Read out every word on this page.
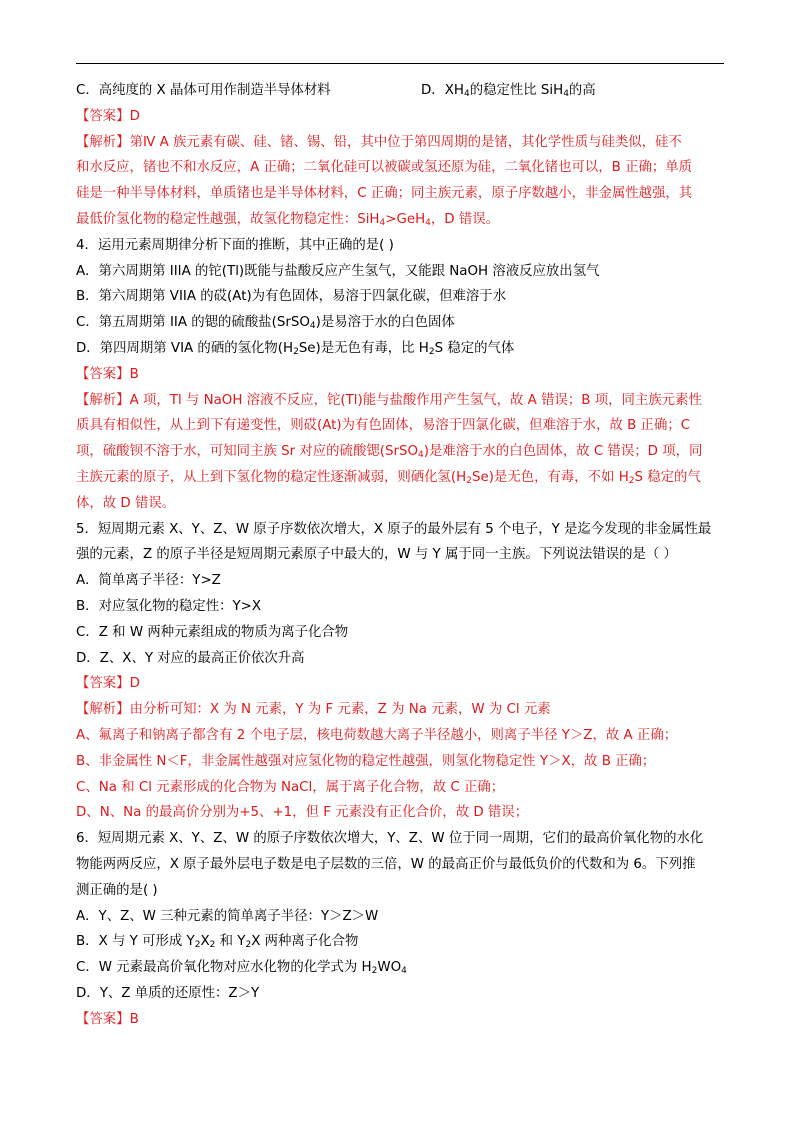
C．高纯度的 X 晶体可用作制造半导体材料	D．$XH_4$的稳定性比 SiH$_4$的高
【答案】D
【解析】第Ⅳ A 族元素有碳、硅、锗、锡、铅，其中位于第四周期的是锗，其化学性质与硅类似，硅不
和水反应，锗也不和水反应，A 正确；二氧化硅可以被碳或氢还原为硅，二氧化锗也可以，B 正确；单质
硅是一种半导体材料，单质锗也是半导体材料，C 正确；同主族元素，原子序数越小，非金属性越强，其
最低价氢化物的稳定性越强，故氢化物稳定性：SiH$_4$>GeH$_4$，D 错误。
4．运用元素周期律分析下面的推断，其中正确的是( )
A．第六周期第 IIIA 的铊(Tl)既能与盐酸反应产生氢气，又能跟 NaOH 溶液反应放出氢气
B．第六周期第 VIIA 的砹(At)为有色固体，易溶于四氯化碳，但难溶于水
C．第五周期第 IIA 的锶的硫酸盐(SrSO$_4$)是易溶于水的白色固体
D．第四周期第 VIA 的硒的氢化物$(H_2Se)$是无色有毒，比 $H_2S$ 稳定的气体
【答案】B
【解析】A 项，Tl 与 NaOH 溶液不反应，铊(Tl)能与盐酸作用产生氢气，故 A 错误；B 项，同主族元素性
质具有相似性，从上到下有递变性，则砹(At)为有色固体，易溶于四氯化碳，但难溶于水，故 B 正确；C
项，硫酸钡不溶于水，可知同主族 Sr 对应的硫酸锶(SrSO$_4$)是难溶于水的白色固体，故 C 错误；D 项，同
主族元素的原子，从上到下氢化物的稳定性逐渐减弱，则硒化氢$(H_2Se)$是无色，有毒，不如 $H_2S$ 稳定的气
体，故 D 错误。
5．短周期元素 X、Y、Z、W 原子序数依次增大，X 原子的最外层有 5 个电子，Y 是迄今发现的非金属性最
强的元素，Z 的原子半径是短周期元素原子中最大的，W 与 Y 属于同一主族。下列说法错误的是（ ）
A．简单离子半径：Y>Z
B．对应氢化物的稳定性：Y>X
C．Z 和 W 两种元素组成的物质为离子化合物
D．Z、X、Y 对应的最高正价依次升高
【答案】D
【解析】由分析可知：X 为 N 元素，Y 为 F 元素，Z 为 Na 元素，W 为 Cl 元素
A、氟离子和钠离子都含有 2 个电子层，核电荷数越大离子半径越小，则离子半径 Y＞Z，故 A 正确；
B、非金属性 N＜F，非金属性越强对应氢化物的稳定性越强，则氢化物稳定性 Y＞X，故 B 正确；
C、Na 和 Cl 元素形成的化合物为 NaCl，属于离子化合物，故 C 正确；
D、N、Na 的最高价分别为+5、+1，但 F 元素没有正化合价，故 D 错误；
6．短周期元素 X、Y、Z、W 的原子序数依次增大，Y、Z、W 位于同一周期，它们的最高价氧化物的水化
物能两两反应，X 原子最外层电子数是电子层数的三倍，W 的最高正价与最低负价的代数和为 6。下列推
测正确的是( )
A．Y、Z、W 三种元素的简单离子半径：Y＞Z＞W
B．X 与 Y 可形成 $Y_2X_2$ 和 $Y_2X$ 两种离子化合物
C．W 元素最高价氧化物对应水化物的化学式为 $H_2WO_4$
D．Y、Z 单质的还原性：Z＞Y
【答案】B
